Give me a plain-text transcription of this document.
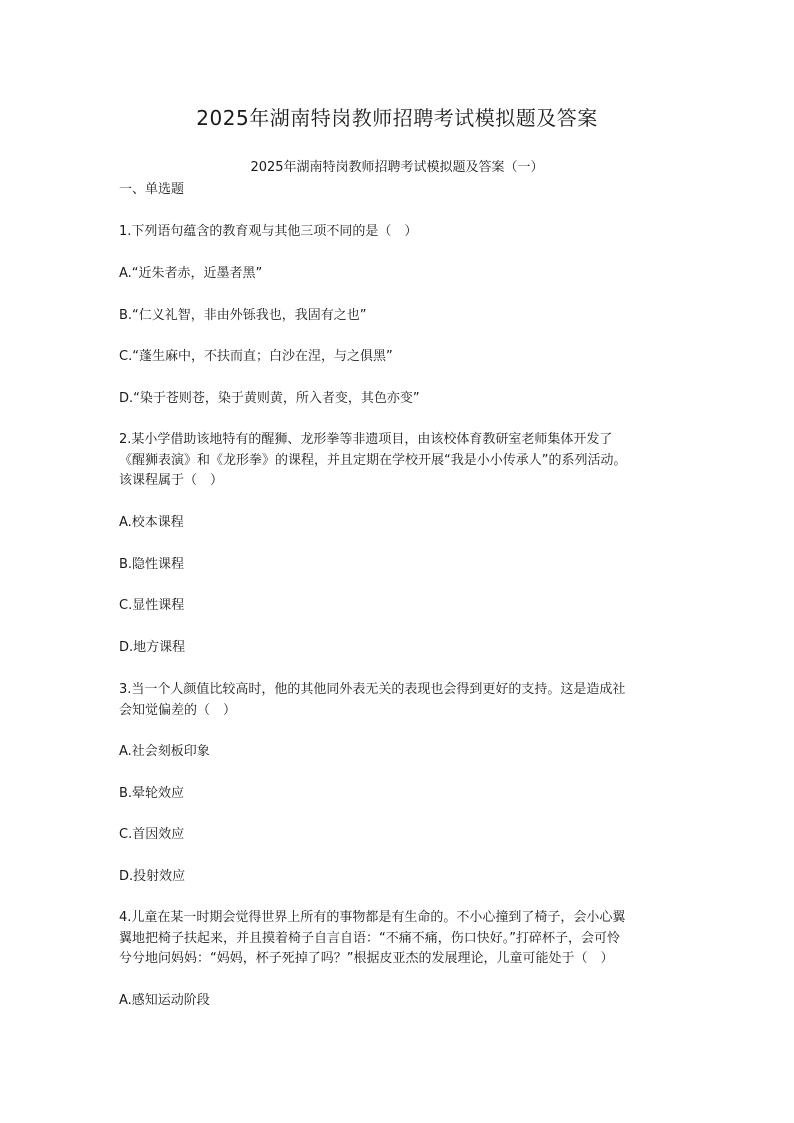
2025年湖南特岗教师招聘考试模拟题及答案
2025年湖南特岗教师招聘考试模拟题及答案（一）
一、单选题
1.下列语句蕴含的教育观与其他三项不同的是（　）
A.“近朱者赤，近墨者黑”
B.“仁义礼智，非由外铄我也，我固有之也”
C.“蓬生麻中，不扶而直；白沙在涅，与之俱黑”
D.“染于苍则苍，染于黄则黄，所入者变，其色亦变”
2.某小学借助该地特有的醒狮、龙形拳等非遗项目，由该校体育教研室老师集体开发了
《醒狮表演》和《龙形拳》的课程，并且定期在学校开展“我是小小传承人”的系列活动。
该课程属于（　）
A.校本课程
B.隐性课程
C.显性课程
D.地方课程
3.当一个人颜值比较高时，他的其他同外表无关的表现也会得到更好的支持。这是造成社
会知觉偏差的（　）
A.社会刻板印象
B.晕轮效应
C.首因效应
D.投射效应
4.儿童在某一时期会觉得世界上所有的事物都是有生命的。不小心撞到了椅子，会小心翼
翼地把椅子扶起来，并且摸着椅子自言自语：“不痛不痛，伤口快好。”打碎杯子，会可怜
兮兮地问妈妈：“妈妈，杯子死掉了吗？”根据皮亚杰的发展理论，儿童可能处于（　）
A.感知运动阶段
